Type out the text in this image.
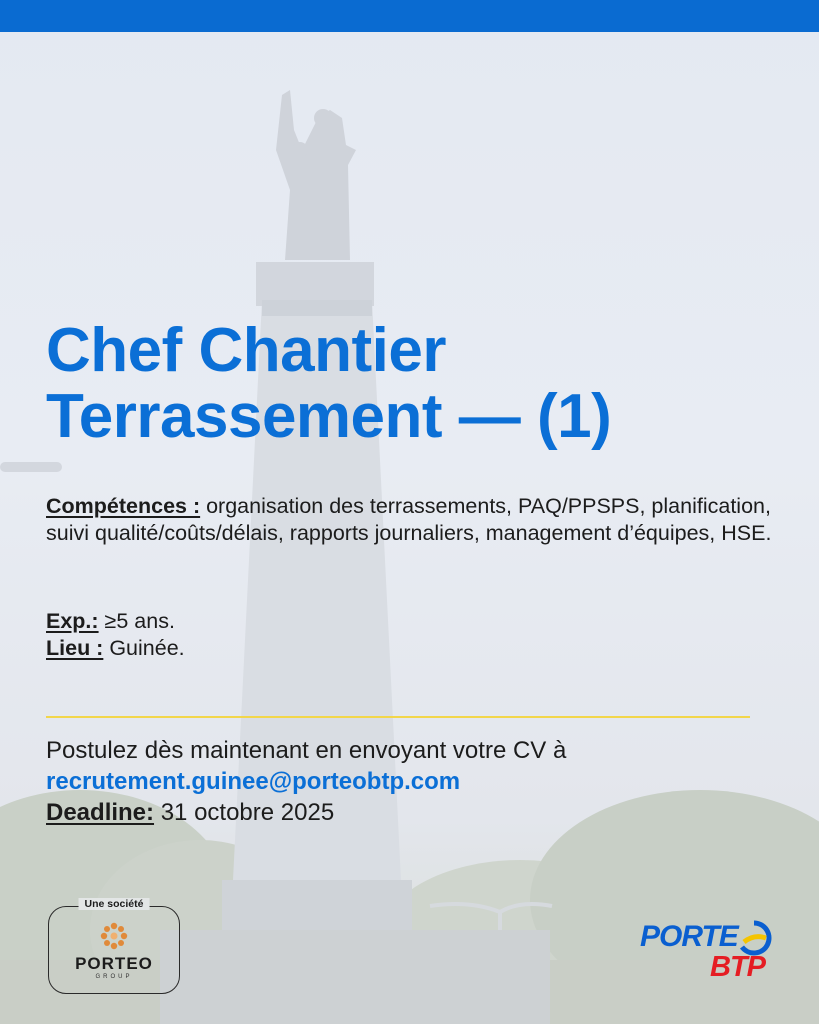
Chef Chantier
Terrassement — (1)
Compétences : organisation des terrassements, PAQ/PPSPS, planification, suivi qualité/coûts/délais, rapports journaliers, management d’équipes, HSE.
Exp.: ≥5 ans.
Lieu : Guinée.
Postulez dès maintenant en envoyant votre CV à
recrutement.guinee@porteobtp.com
Deadline: 31 octobre 2025
Une société
PORTEO
GROUP
PORTE
BTP
